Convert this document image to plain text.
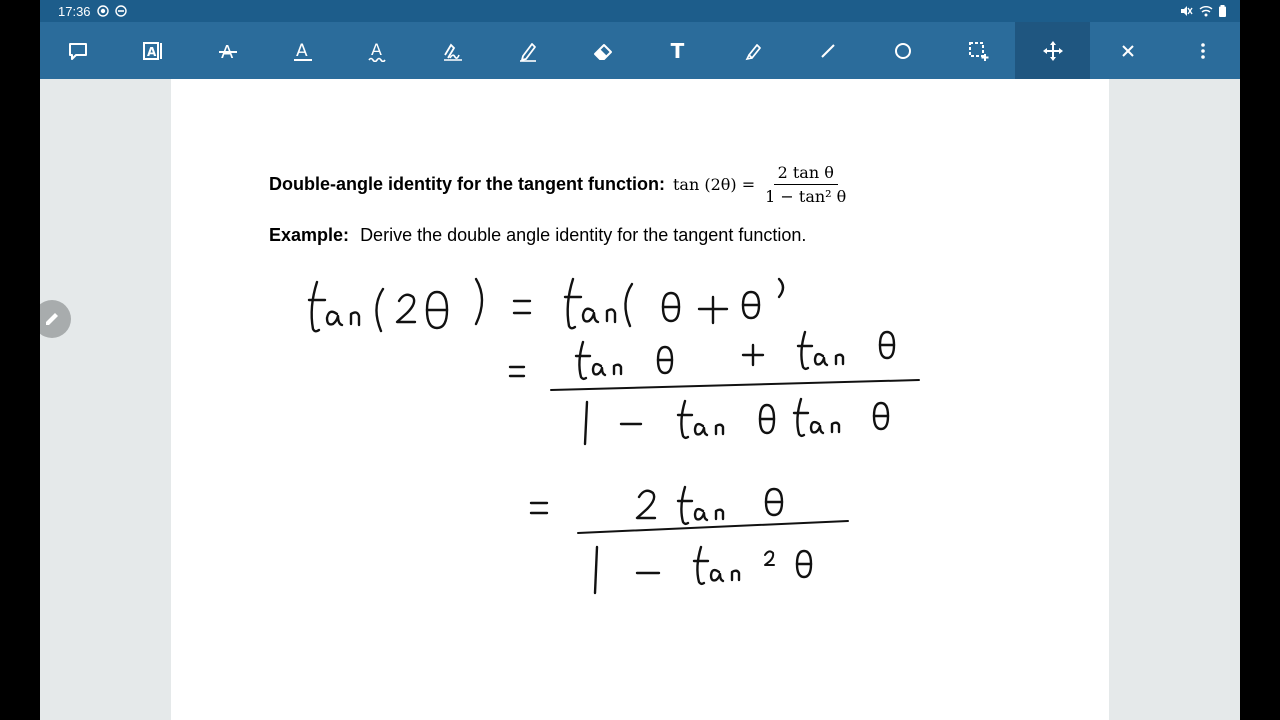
17:36
A	A	A	A	T
Double-angle identity for the tangent function: $\tan (2\theta) = \frac{\text{2 tan θ}}{\text{1 − tan² θ}}$
Example: Derive the double angle identity for the tangent function.
